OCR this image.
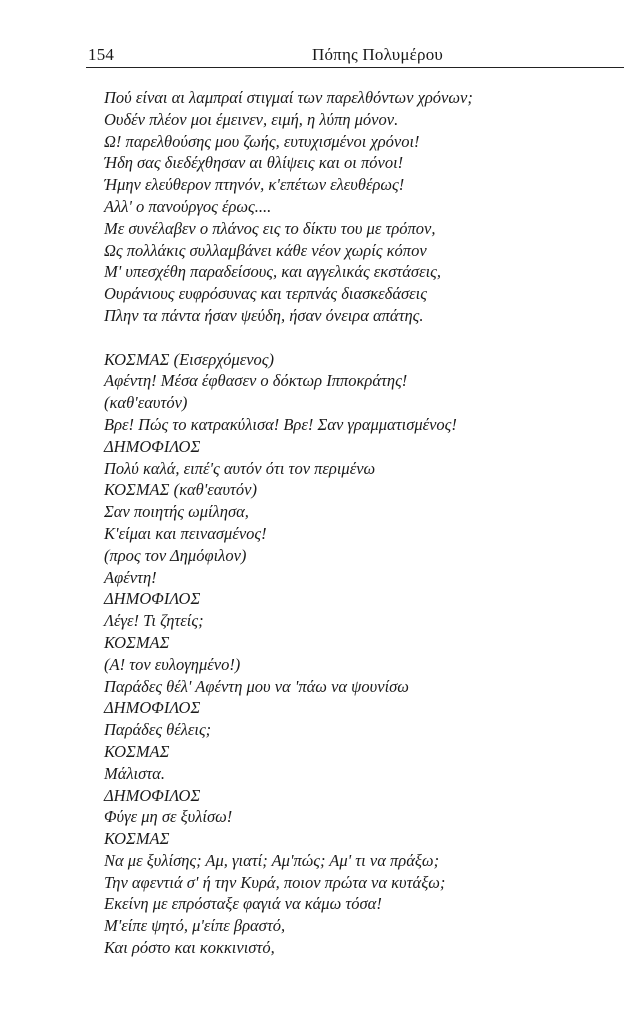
154	Πόπης Πολυμέρου
Πού είναι αι λαμπραί στιγμαί των παρελθόντων χρόνων;
Ουδέν πλέον μοι έμεινεν, ειμή, η λύπη μόνον.
Ω! παρελθούσης μου ζωής, ευτυχισμένοι χρόνοι!
Ήδη σας διεδέχθησαν αι θλίψεις και οι πόνοι!
Ήμην ελεύθερον πτηνόν, κ'επέτων ελευθέρως!
Αλλ' ο πανούργος έρως....
Με συνέλαβεν ο πλάνος εις το δίκτυ του με τρόπον,
Ως πολλάκις συλλαμβάνει κάθε νέον χωρίς κόπον
Μ' υπεσχέθη παραδείσους, και αγγελικάς εκστάσεις,
Ουράνιους ευφρόσυνας και τερπνάς διασκεδάσεις
Πλην τα πάντα ήσαν ψεύδη, ήσαν όνειρα απάτης.
ΚΟΣΜΑΣ (Εισερχόμενος)
Αφέντη! Μέσα έφθασεν ο δόκτωρ Ιπποκράτης!
(καθ'εαυτόν)
Βρε! Πώς το κατρακύλισα! Βρε! Σαν γραμματισμένος!
ΔΗΜΟΦΙΛΟΣ
Πολύ καλά, ειπέ'ς αυτόν ότι τον περιμένω
ΚΟΣΜΑΣ (καθ'εαυτόν)
Σαν ποιητής ωμίλησα,
Κ'είμαι και πεινασμένος!
(προς τον Δημόφιλον)
Αφέντη!
ΔΗΜΟΦΙΛΟΣ
Λέγε! Τι ζητείς;
ΚΟΣΜΑΣ
(Α! τον ευλογημένο!)
Παράδες θέλ' Αφέντη μου να 'πάω να ψουνίσω
ΔΗΜΟΦΙΛΟΣ
Παράδες θέλεις;
ΚΟΣΜΑΣ
Μάλιστα.
ΔΗΜΟΦΙΛΟΣ
Φύγε μη σε ξυλίσω!
ΚΟΣΜΑΣ
Να με ξυλίσης; Αμ, γιατί; Αμ'πώς; Αμ' τι να πράξω;
Την αφεντιά σ' ή την Κυρά, ποιον πρώτα να κυτάξω;
Εκείνη με επρόσταξε φαγιά να κάμω τόσα!
Μ'είπε ψητό, μ'είπε βραστό,
Και ρόστο και κοκκινιστό,
